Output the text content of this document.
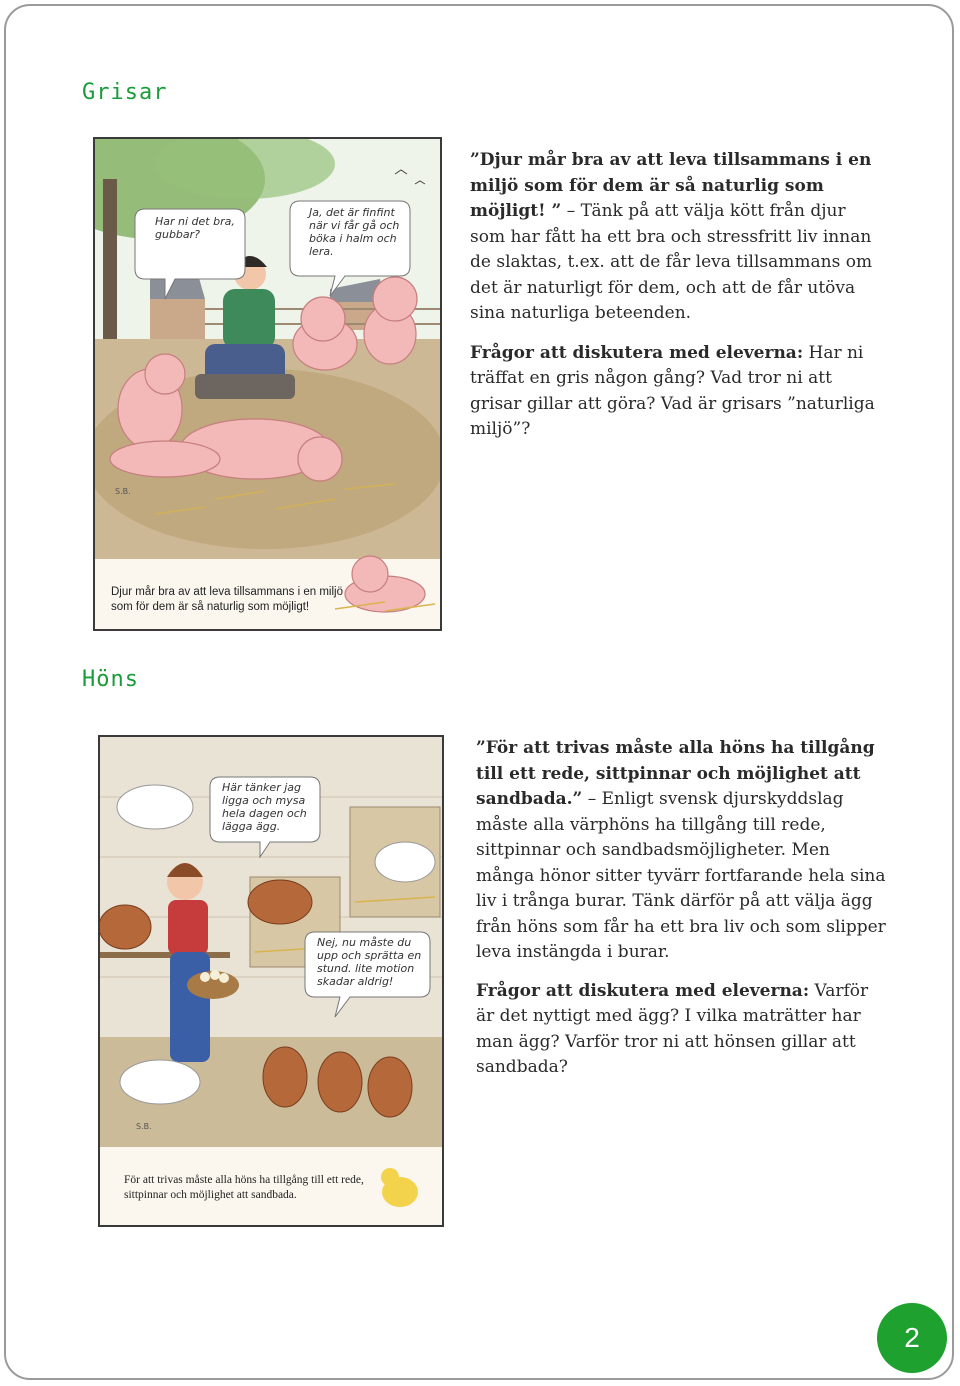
Grisar
Har ni det bra, gubbar?
Ja, det är finfint när vi får gå och böka i halm och lera.
S.B.
Djur mår bra av att leva tillsammans i en miljö
som för dem är så naturlig som möjligt!

”Djur mår bra av att leva tillsammans i en miljö som för dem är så naturlig som möjligt! ” – Tänk på att välja kött från djur som har fått ha ett bra och stressfritt liv innan de slaktas, t.ex. att de får leva tillsammans om det är naturligt för dem, och att de får utöva sina naturliga beteenden.

Frågor att diskutera med eleverna: Har ni träffat en gris någon gång? Vad tror ni att grisar gillar att göra? Vad är grisars ”naturliga miljö”?

Höns
Här tänker jag ligga och mysa hela dagen och lägga ägg.
Nej, nu måste du upp och sprätta en stund. lite motion skadar aldrig!
S.B.
För att trivas måste alla höns ha tillgång till ett rede,
sittpinnar och möjlighet att sandbada.

”För att trivas måste alla höns ha tillgång till ett rede, sittpinnar och möjlighet att sandbada.” – Enligt svensk djurskyddslag måste alla värphöns ha tillgång till rede, sittpinnar och sandbadsmöjligheter. Men många hönor sitter tyvärr fortfarande hela sina liv i trånga burar. Tänk därför på att välja ägg från höns som får ha ett bra liv och som slipper leva instängda i burar.

Frågor att diskutera med eleverna: Varför är det nyttigt med ägg? I vilka maträtter har man ägg? Varför tror ni att hönsen gillar att sandbada?

2
